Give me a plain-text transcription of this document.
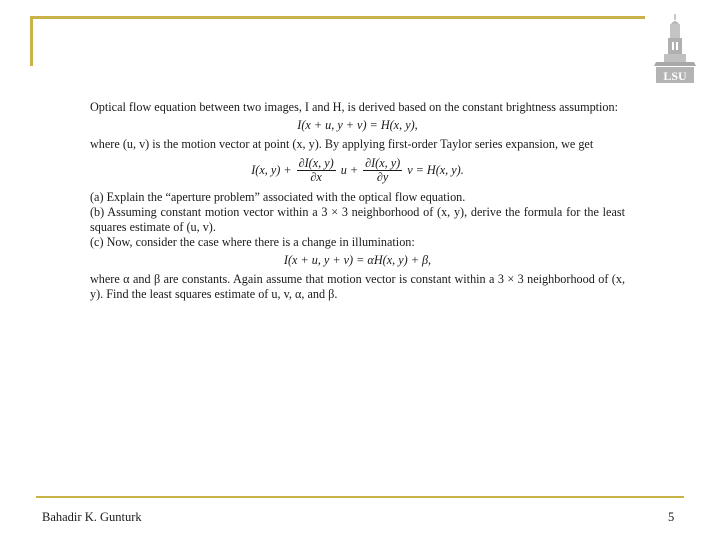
LSU

Optical flow equation between two images, I and H, is derived based on the constant brightness assumption:

I(x + u, y + v) = H(x, y),

where (u, v) is the motion vector at point (x, y). By applying first-order Taylor series expansion, we get

I(x, $y) + \frac{\partial I(x, y)}{\partial x}$ $u + \frac{\partial I(x, y)}{\partial y}$ v = H(x, y).

(a) Explain the “aperture problem” associated with the optical flow equation.

(b) Assuming constant motion vector within a 3 × 3 neighborhood of (x, y), derive the formula for the least squares estimate of (u, v).

(c) Now, consider the case where there is a change in illumination:

I(x + u, y + v) = αH(x, y) + β,

where α and β are constants. Again assume that motion vector is constant within a 3 × 3 neighborhood of (x, y). Find the least squares estimate of u, v, α, and β.

Bahadir K. Gunturk	5
